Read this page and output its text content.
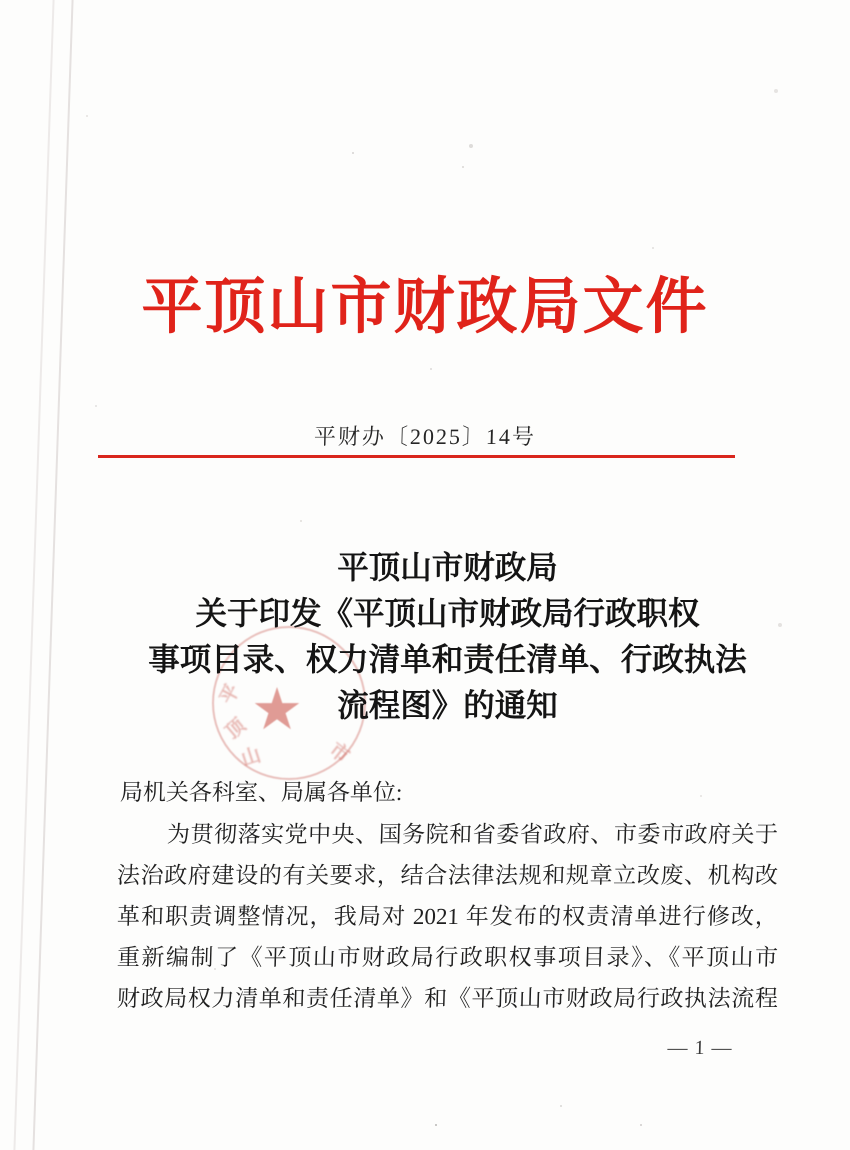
平顶山市财政局文件
平财办〔2025〕14号
平
顶
山	市
★
平顶山市财政局
关于印发《平顶山市财政局行政职权
事项目录、权力清单和责任清单、行政执法
流程图》的通知
局机关各科室、局属各单位:
为贯彻落实党中央、国务院和省委省政府、市委市政府关于
法治政府建设的有关要求，结合法律法规和规章立改废、机构改
革和职责调整情况，我局对 2021 年发布的权责清单进行修改，
重新编制了《平顶山市财政局行政职权事项目录》、《平顶山市
财政局权力清单和责任清单》和《平顶山市财政局行政执法流程
— 1 —
